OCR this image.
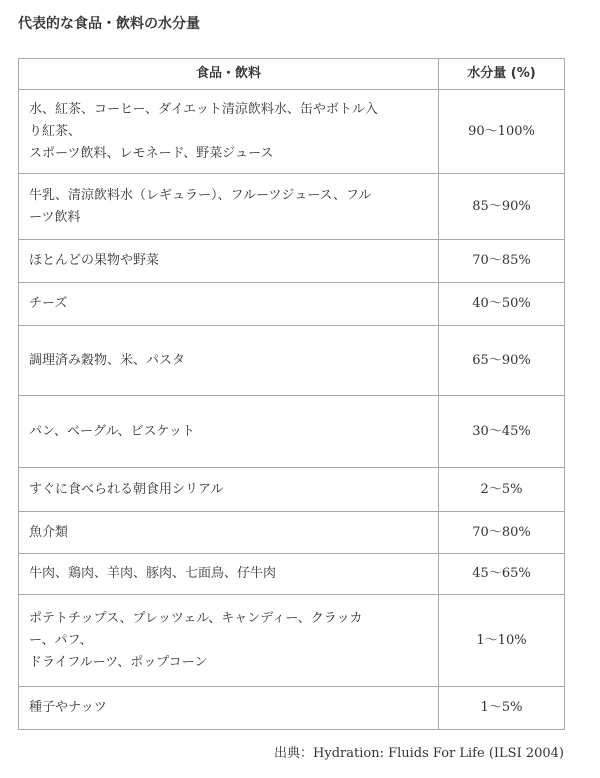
代表的な食品・飲料の水分量
食品・飲料	水分量 (%)

水、紅茶、コーヒー、ダイエット清涼飲料水、缶やボトル入
り紅茶、
スポーツ飲料、レモネード、野菜ジュース	90〜100%

牛乳、清涼飲料水（レギュラー）、フルーツジュース、フル
ーツ飲料	85〜90%

ほとんどの果物や野菜	70〜85%

チーズ	40〜50%

調理済み穀物、米、パスタ	65〜90%

パン、ベーグル、ビスケット	30〜45%

すぐに食べられる朝食用シリアル	2〜5%

魚介類	70〜80%

牛肉、鶏肉、羊肉、豚肉、七面鳥、仔牛肉	45〜65%

ポテトチップス、プレッツェル、キャンディー、クラッカ
ー、パフ、
ドライフルーツ、ポップコーン	1〜10%

種子やナッツ	1〜5%
出典：Hydration: Fluids For Life (ILSI 2004)
